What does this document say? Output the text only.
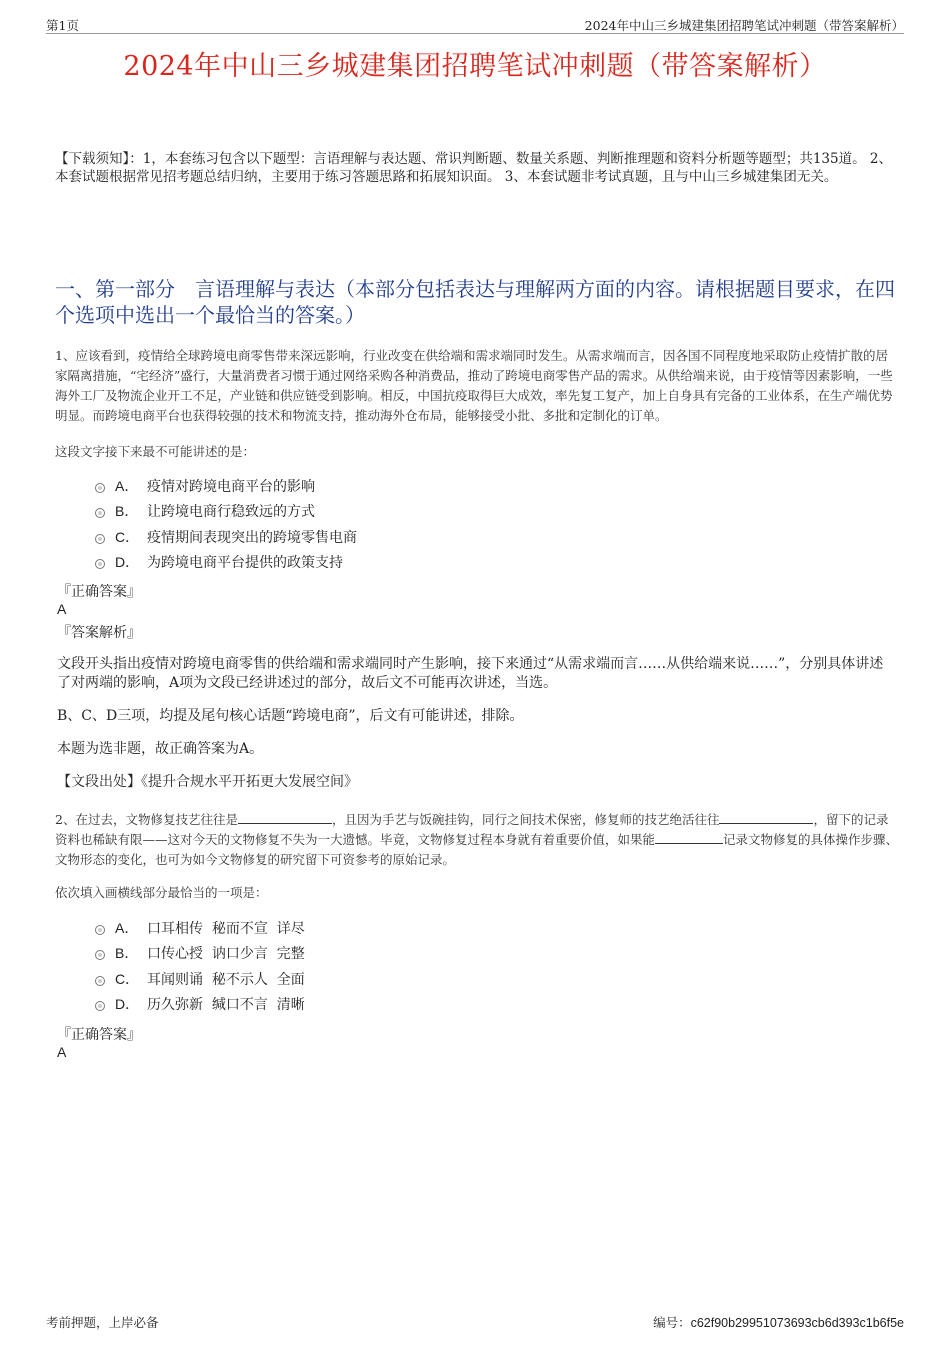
第1页	2024年中山三乡城建集团招聘笔试冲刺题（带答案解析）
2024年中山三乡城建集团招聘笔试冲刺题（带答案解析）
【下载须知】：1，本套练习包含以下题型：言语理解与表达题、常识判断题、数量关系题、判断推理题和资料分析题等题型；共135道。 2、本套试题根据常见招考题总结归纳，主要用于练习答题思路和拓展知识面。 3、本套试题非考试真题，且与中山三乡城建集团无关。
一、第一部分　言语理解与表达（本部分包括表达与理解两方面的内容。请根据题目要求，在四个选项中选出一个最恰当的答案。）
1、应该看到，疫情给全球跨境电商零售带来深远影响，行业改变在供给端和需求端同时发生。从需求端而言，因各国不同程度地采取防止疫情扩散的居家隔离措施，“宅经济”盛行，大量消费者习惯于通过网络采购各种消费品，推动了跨境电商零售产品的需求。从供给端来说，由于疫情等因素影响，一些海外工厂及物流企业开工不足，产业链和供应链受到影响。相反，中国抗疫取得巨大成效，率先复工复产，加上自身具有完备的工业体系，在生产端优势明显。而跨境电商平台也获得较强的技术和物流支持，推动海外仓布局，能够接受小批、多批和定制化的订单。
这段文字接下来最不可能讲述的是：
A． 疫情对跨境电商平台的影响
B． 让跨境电商行稳致远的方式
C． 疫情期间表现突出的跨境零售电商
D． 为跨境电商平台提供的政策支持
『正确答案』
A
『答案解析』
文段开头指出疫情对跨境电商零售的供给端和需求端同时产生影响，接下来通过“从需求端而言……从供给端来说……”，分别具体讲述了对两端的影响，A项为文段已经讲述过的部分，故后文不可能再次讲述，当选。
B、C、D三项，均提及尾句核心话题“跨境电商”，后文有可能讲述，排除。
本题为选非题，故正确答案为A。
【文段出处】《提升合规水平开拓更大发展空间》
2、在过去，文物修复技艺往往是	，且因为手艺与饭碗挂钩，同行之间技术保密，修复师的技艺绝活往往	，留下的记录资料也稀缺有限——这对今天的文物修复不失为一大遗憾。毕竟，文物修复过程本身就有着重要价值，如果能	记录文物修复的具体操作步骤、文物形态的变化，也可为如今文物修复的研究留下可资参考的原始记录。
依次填入画横线部分最恰当的一项是：
A． 口耳相传  秘而不宣  详尽
B． 口传心授  讷口少言  完整
C． 耳闻则诵  秘不示人  全面
D． 历久弥新  缄口不言  清晰
『正确答案』
A
考前押题，上岸必备	编号：c62f90b29951073693cb6d393c1b6f5e
